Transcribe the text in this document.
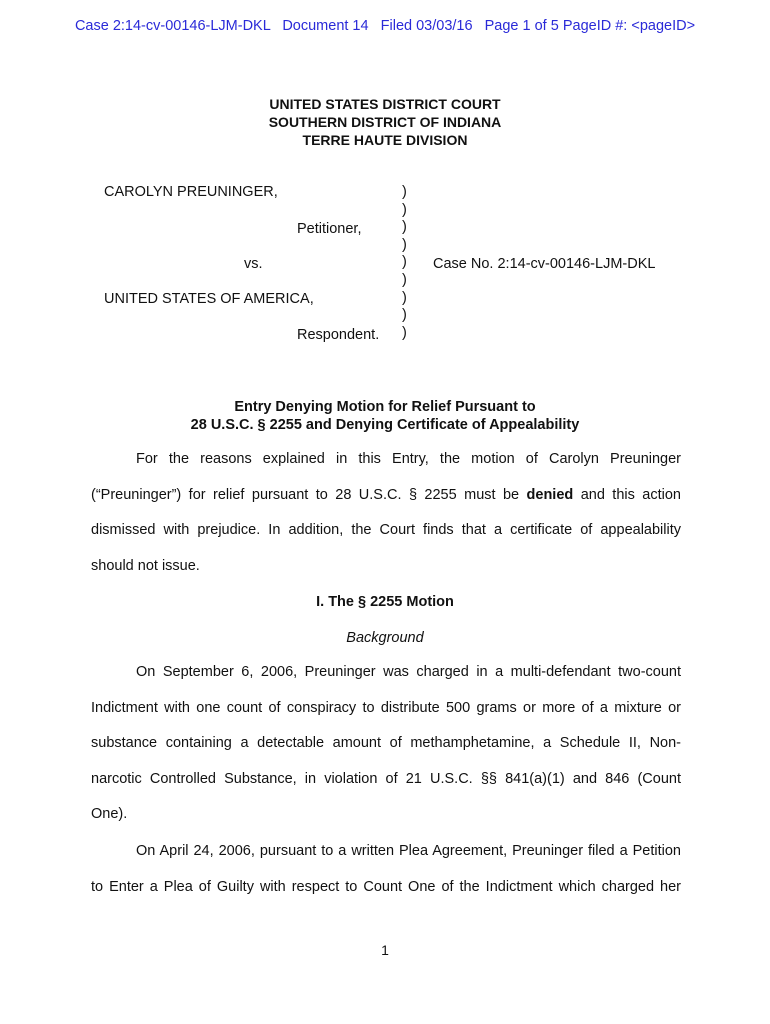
Case 2:14-cv-00146-LJM-DKL   Document 14   Filed 03/03/16   Page 1 of 5 PageID #: <pageID>
UNITED STATES DISTRICT COURT
SOUTHERN DISTRICT OF INDIANA
TERRE HAUTE DIVISION
CAROLYN PREUNINGER,
Petitioner,
vs.
UNITED STATES OF AMERICA,
Respondent.
)
)
)
)
)
)
)
)
)
Case No. 2:14-cv-00146-LJM-DKL
Entry Denying Motion for Relief Pursuant to
28 U.S.C. § 2255 and Denying Certificate of Appealability
For the reasons explained in this Entry, the motion of Carolyn Preuninger
(“Preuninger”) for relief pursuant to 28 U.S.C. § 2255 must be denied and this action
dismissed with prejudice. In addition, the Court finds that a certificate of appealability
should not issue.
I. The § 2255 Motion
Background
On September 6, 2006, Preuninger was charged in a multi-defendant two-count
Indictment with one count of conspiracy to distribute 500 grams or more of a mixture or
substance containing a detectable amount of methamphetamine, a Schedule II, Non-
narcotic Controlled Substance, in violation of 21 U.S.C. §§ 841(a)(1) and 846 (Count
One).
On April 24, 2006, pursuant to a written Plea Agreement, Preuninger filed a Petition
to Enter a Plea of Guilty with respect to Count One of the Indictment which charged her
1
